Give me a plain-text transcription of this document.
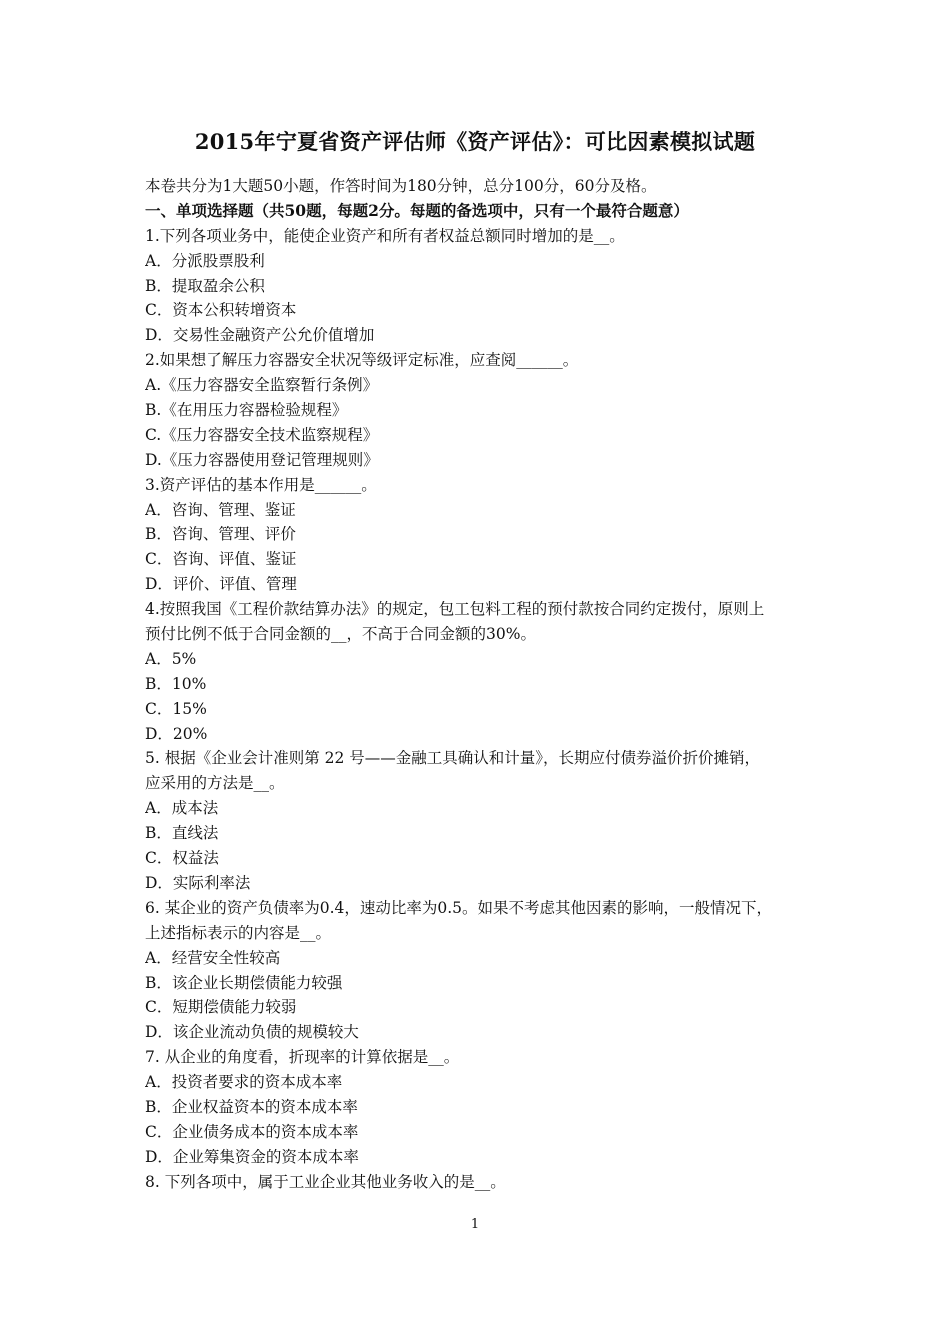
2015年宁夏省资产评估师《资产评估》：可比因素模拟试题
本卷共分为1大题50小题，作答时间为180分钟，总分100分，60分及格。
一、单项选择题（共50题，每题2分。每题的备选项中，只有一个最符合题意）
1.下列各项业务中，能使企业资产和所有者权益总额同时增加的是__。
A．分派股票股利
B．提取盈余公积
C．资本公积转增资本
D．交易性金融资产公允价值增加
2.如果想了解压力容器安全状况等级评定标准，应查阅______。
A.《压力容器安全监察暂行条例》
B.《在用压力容器检验规程》
C.《压力容器安全技术监察规程》
D.《压力容器使用登记管理规则》
3.资产评估的基本作用是______。
A．咨询、管理、鉴证
B．咨询、管理、评价
C．咨询、评值、鉴证
D．评价、评值、管理
4.按照我国《工程价款结算办法》的规定，包工包料工程的预付款按合同约定拨付，原则上
预付比例不低于合同金额的__，不高于合同金额的30%。
A．5%
B．10%
C．15%
D．20%
5. 根据《企业会计准则第 22 号——金融工具确认和计量》，长期应付债券溢价折价摊销，
应采用的方法是__。
A．成本法
B．直线法
C．权益法
D．实际利率法
6. 某企业的资产负债率为0.4，速动比率为0.5。如果不考虑其他因素的影响，一般情况下，
上述指标表示的内容是__。
A．经营安全性较高
B．该企业长期偿债能力较强
C．短期偿债能力较弱
D．该企业流动负债的规模较大
7. 从企业的角度看，折现率的计算依据是__。
A．投资者要求的资本成本率
B．企业权益资本的资本成本率
C．企业债务成本的资本成本率
D．企业筹集资金的资本成本率
8. 下列各项中，属于工业企业其他业务收入的是__。
1
